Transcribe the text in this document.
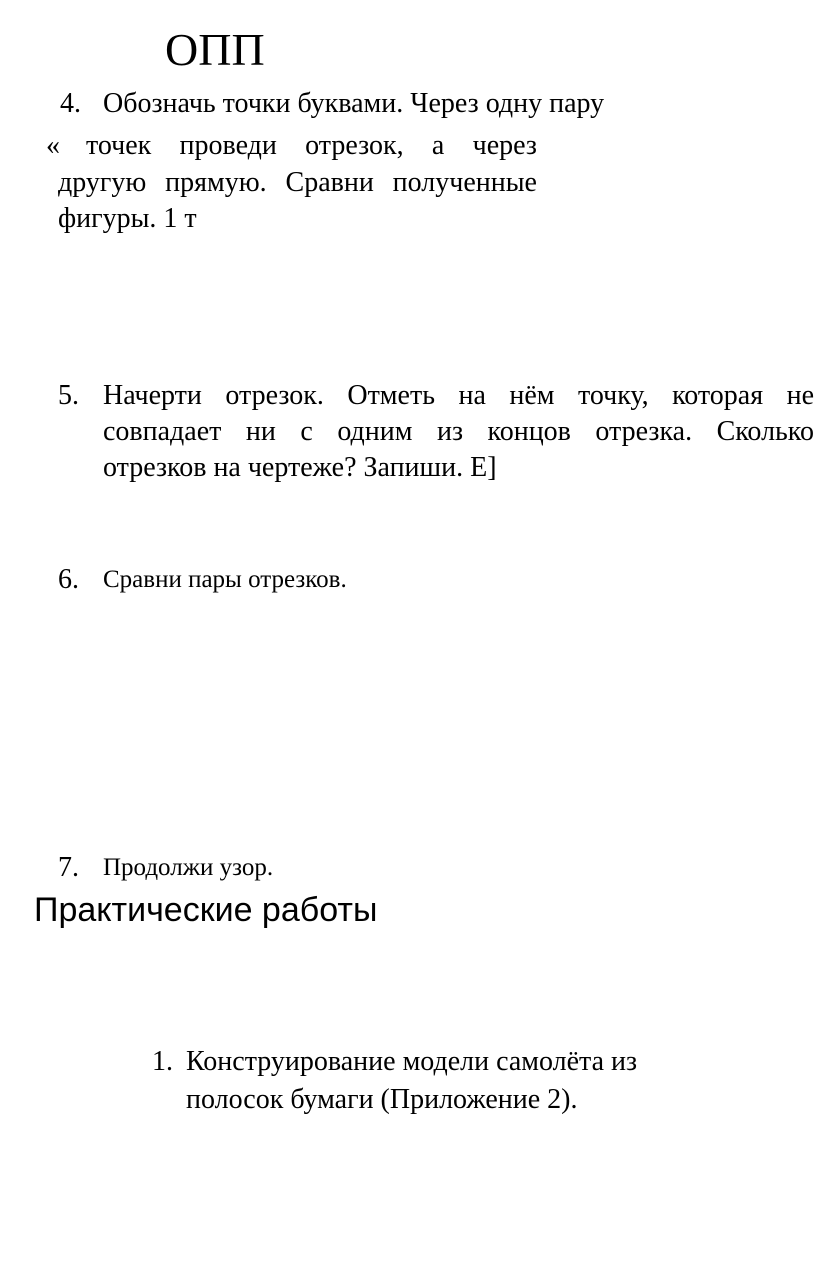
ОПП
4. Обозначь точки буквами. Через одну пару
« точек проведи отрезок, а через
другую прямую. Сравни полученные
фигуры. 1 т
5. Начерти отрезок. Отметь на нём точку, которая не
совпадает ни с одним из концов отрезка. Сколько
отрезков на чертеже? Запиши. Е]
6. Сравни пары отрезков.
7. Продолжи узор.
Практические работы
1. Конструирование модели самолёта из
полосок бумаги (Приложение 2).
